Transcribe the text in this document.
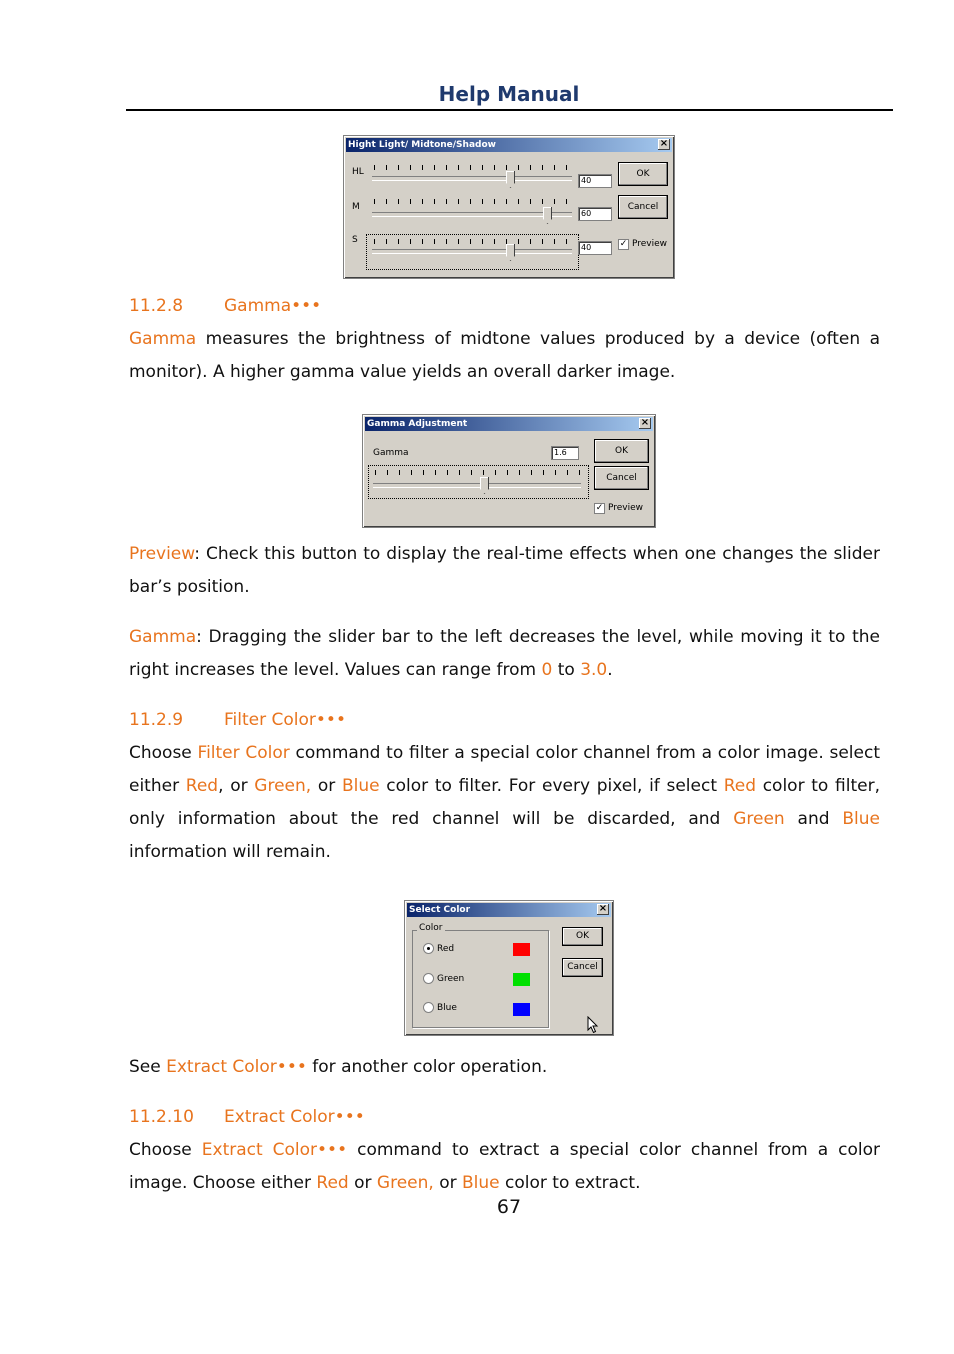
Help Manual
Hight Light/ Midtone/Shadow	×
HL
40
M
60
S
40
OK
Cancel
✓ Preview
11.2.8 Gamma•••
Gamma measures the brightness of midtone values produced by a device (often a monitor). A higher gamma value yields an overall darker image.
Gamma Adjustment	×
Gamma	1.6	OK
Cancel
✓ Preview
Preview: Check this button to display the real-time effects when one changes the slider bar’s position.
Gamma: Dragging the slider bar to the left decreases the level, while moving it to the right increases the level. Values can range from 0 to 3.0.
11.2.9 Filter Color•••
Choose Filter Color command to filter a special color channel from a color image. select either Red, or Green, or Blue color to filter. For every pixel, if select Red color to filter, only information about the red channel will be discarded, and Green and Blue information will remain.
Select Color	×
Color
Red
Green
Blue
OK
Cancel
See Extract Color••• for another color operation.
11.2.10 Extract Color•••
Choose Extract Color••• command to extract a special color channel from a color image. Choose either Red or Green, or Blue color to extract.
67
